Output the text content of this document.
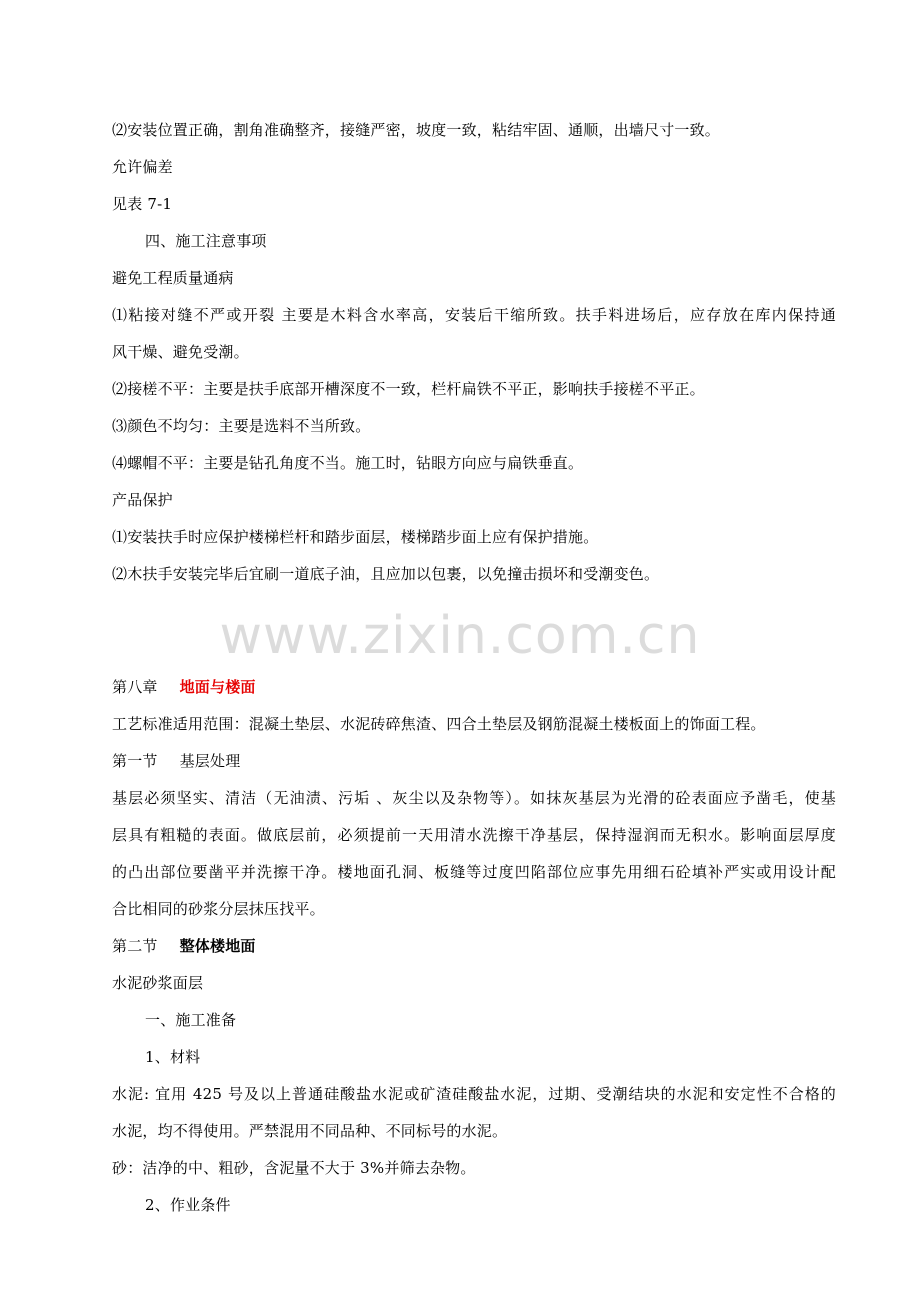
⑵安装位置正确，割角准确整齐，接缝严密，坡度一致，粘结牢固、通顺，出墙尺寸一致。
允许偏差
见表 7-1
四、施工注意事项
避免工程质量通病
⑴粘接对缝不严或开裂 主要是木料含水率高，安装后干缩所致。扶手料进场后，应存放在库内保持通
风干燥、避免受潮。
⑵接槎不平：主要是扶手底部开槽深度不一致，栏杆扁铁不平正，影响扶手接槎不平正。
⑶颜色不均匀：主要是选料不当所致。
⑷螺帽不平：主要是钻孔角度不当。施工时，钻眼方向应与扁铁垂直。
产品保护
⑴安装扶手时应保护楼梯栏杆和踏步面层，楼梯踏步面上应有保护措施。
⑵木扶手安装完毕后宜刷一道底子油，且应加以包裹，以免撞击损坏和受潮变色。
www.zixin.com.cn
第八章 地面与楼面
工艺标准适用范围：混凝土垫层、水泥砖碎焦渣、四合土垫层及钢筋混凝土楼板面上的饰面工程。
第一节 基层处理
基层必须坚实、清洁（无油渍、污垢 、灰尘以及杂物等）。如抹灰基层为光滑的砼表面应予凿毛，使基
层具有粗糙的表面。做底层前，必须提前一天用清水洗擦干净基层，保持湿润而无积水。影响面层厚度
的凸出部位要凿平并洗擦干净。楼地面孔洞、板缝等过度凹陷部位应事先用细石砼填补严实或用设计配
合比相同的砂浆分层抹压找平。
第二节 整体楼地面
水泥砂浆面层
一、施工准备
1、材料
水泥: 宜用 425 号及以上普通硅酸盐水泥或矿渣硅酸盐水泥，过期、受潮结块的水泥和安定性不合格的
水泥，均不得使用。严禁混用不同品种、不同标号的水泥。
砂：洁净的中、粗砂，含泥量不大于 3%并筛去杂物。
2、作业条件
